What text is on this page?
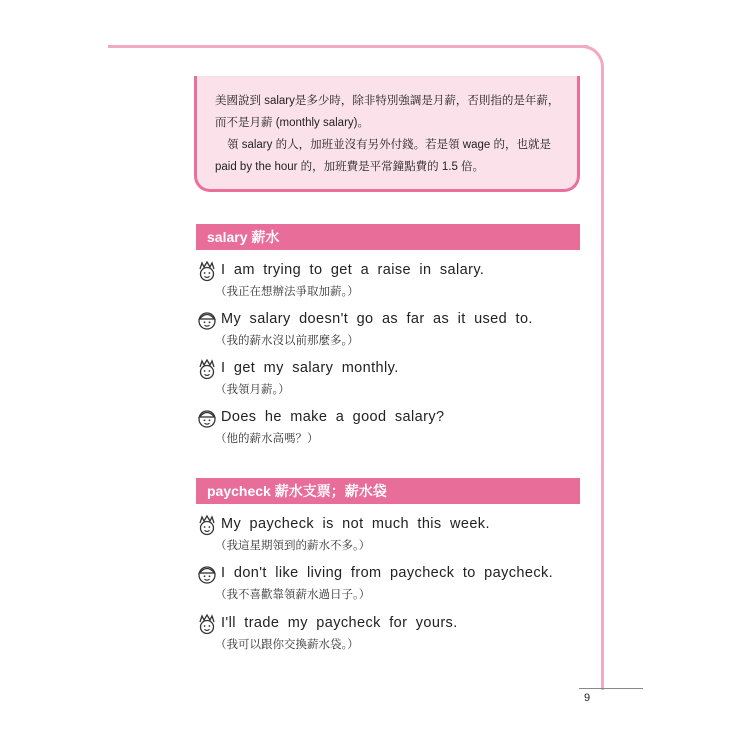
美國說到 salary是多少時，除非特別強調是月薪，否則指的是年薪，

而不是月薪 (monthly salary)。

領 salary 的人，加班並沒有另外付錢。若是領 wage 的，也就是

paid by the hour 的，加班費是平常鐘點費的 1.5 倍。

salary 薪水
I am trying to get a raise in salary.
（我正在想辦法爭取加薪。）
My salary doesn't go as far as it used to.
（我的薪水沒以前那麼多。）
I get my salary monthly.
（我領月薪。）
Does he make a good salary?
（他的薪水高嗎？）
paycheck 薪水支票；薪水袋
My paycheck is not much this week.
（我這星期領到的薪水不多。）
I don't like living from paycheck to paycheck.
（我不喜歡靠領薪水過日子。）
I'll trade my paycheck for yours.
（我可以跟你交換薪水袋。）
9
